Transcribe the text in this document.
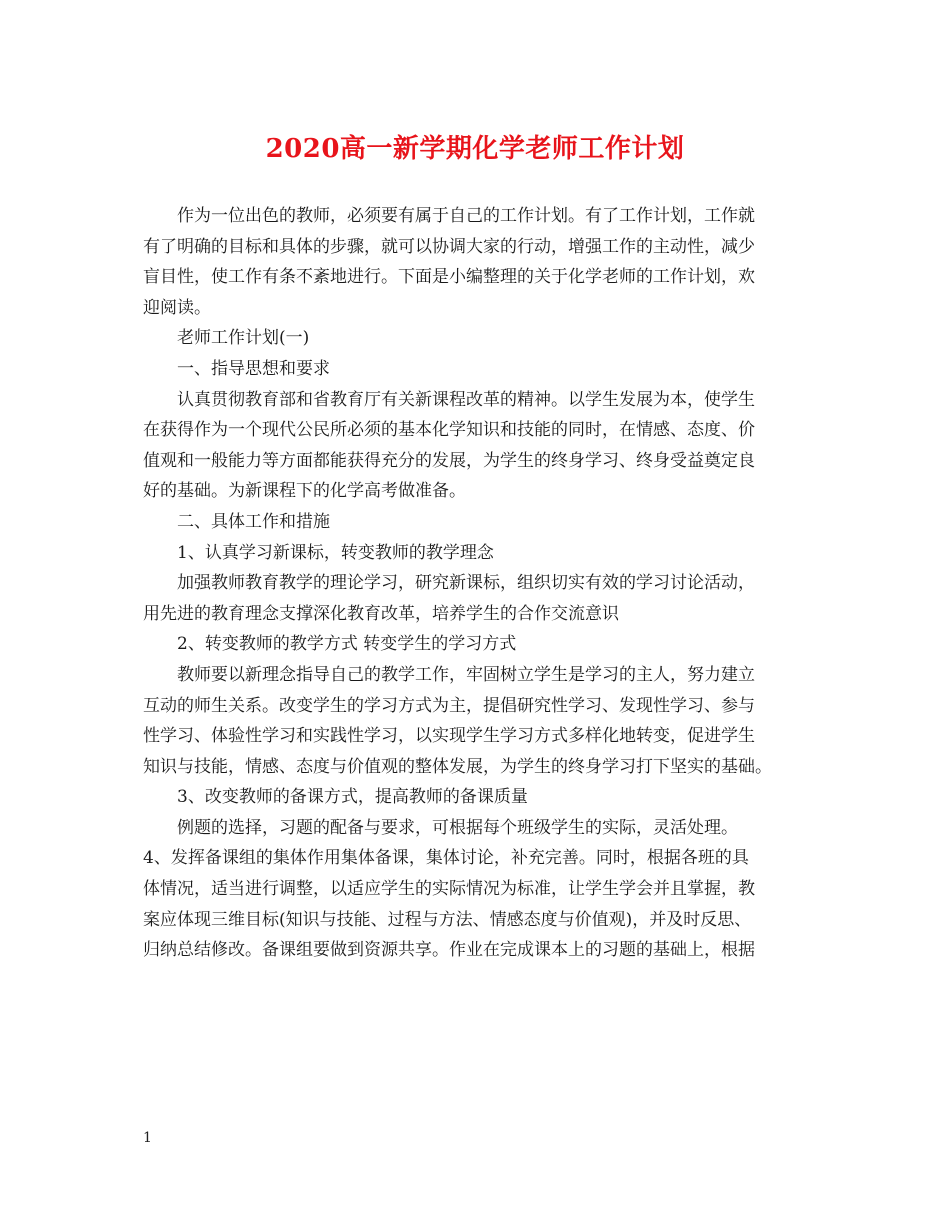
2020高一新学期化学老师工作计划
　　作为一位出色的教师，必须要有属于自己的工作计划。有了工作计划，工作就
有了明确的目标和具体的步骤，就可以协调大家的行动，增强工作的主动性，减少
盲目性，使工作有条不紊地进行。下面是小编整理的关于化学老师的工作计划，欢
迎阅读。
　　老师工作计划(一)
　　一、指导思想和要求
　　认真贯彻教育部和省教育厅有关新课程改革的精神。以学生发展为本，使学生
在获得作为一个现代公民所必须的基本化学知识和技能的同时，在情感、态度、价
值观和一般能力等方面都能获得充分的发展，为学生的终身学习、终身受益奠定良
好的基础。为新课程下的化学高考做准备。
　　二、具体工作和措施
　　1、认真学习新课标，转变教师的教学理念
　　加强教师教育教学的理论学习，研究新课标，组织切实有效的学习讨论活动，
用先进的教育理念支撑深化教育改革，培养学生的合作交流意识
　　2、转变教师的教学方式 转变学生的学习方式
　　教师要以新理念指导自己的教学工作，牢固树立学生是学习的主人，努力建立
互动的师生关系。改变学生的学习方式为主，提倡研究性学习、发现性学习、参与
性学习、体验性学习和实践性学习，以实现学生学习方式多样化地转变，促进学生
知识与技能，情感、态度与价值观的整体发展，为学生的终身学习打下坚实的基础。
　　3、改变教师的备课方式，提高教师的备课质量
　　例题的选择，习题的配备与要求，可根据每个班级学生的实际，灵活处理。
4、发挥备课组的集体作用集体备课，集体讨论，补充完善。同时，根据各班的具
体情况，适当进行调整，以适应学生的实际情况为标准，让学生学会并且掌握，教
案应体现三维目标(知识与技能、过程与方法、情感态度与价值观)，并及时反思、
归纳总结修改。备课组要做到资源共享。作业在完成课本上的习题的基础上，根据
1
